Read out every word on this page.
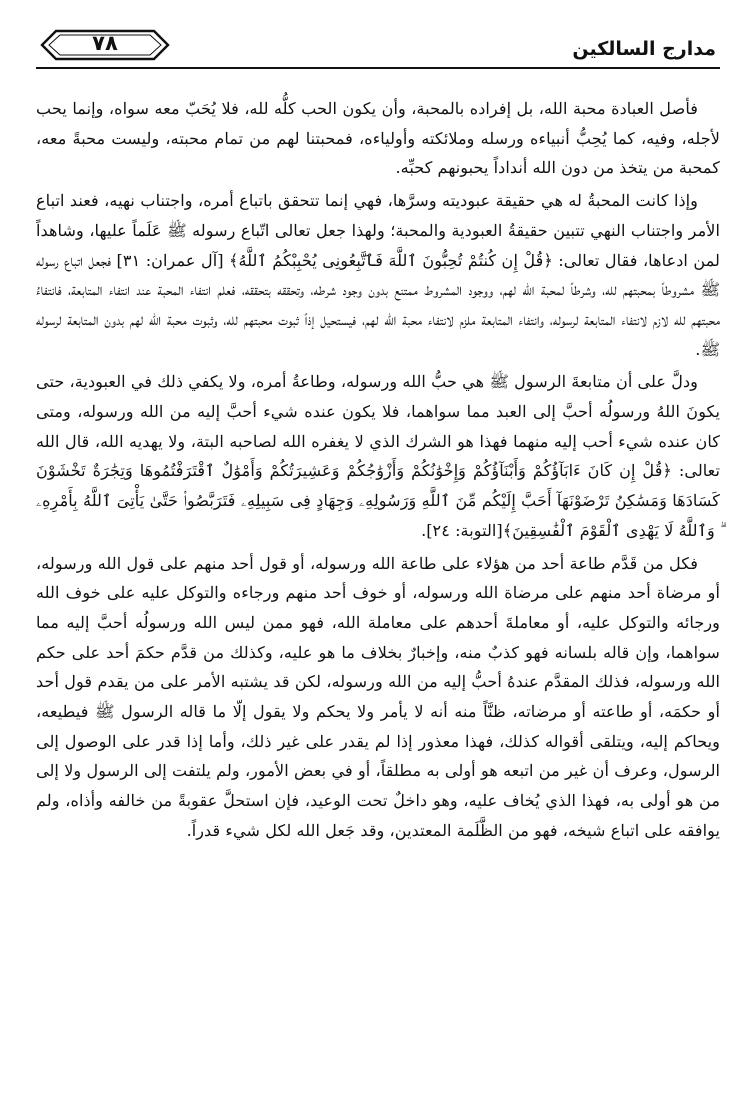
مدارج السالكين
٧٨

فأصل العبادة محبة الله، بل إفراده بالمحبة، وأن يكون الحب كلُّه لله، فلا يُحَبّ معه سواه، وإنما يحب لأجله، وفيه، كما يُحِبُّ أنبياءه ورسله وملائكته وأولياءه، فمحبتنا لهم من تمام محبته، وليست محبةً معه، كمحبة من يتخذ من دون الله أنداداً يحبونهم كحبِّه.

وإذا كانت المحبةُ له هي حقيقة عبوديته وسرَّها، فهي إنما تتحقق باتباع أمره، واجتناب نهيه، فعند اتباع الأمر واجتناب النهي تتبين حقيقةُ العبودية والمحبة؛ ولهذا جعل تعالى اتّباع رسوله ﷺ عَلَماً عليها، وشاهداً لمن ادعاها، فقال تعالى: ﴿قُلْ إِن كُنتُمْ تُحِبُّونَ ٱللَّهَ فَٱتَّبِعُونِى يُحْبِبْكُمُ ٱللَّهُ﴾ [آل عمران: ٣١] فجعل اتباع رسوله ﷺ مشروطاً بمحبتهم لله، وشرطاً لمحبة الله لهم، ووجود المشروط ممتنع بدون وجود شرطه، وتحققه بتحققه، فعلم انتفاء المحبة عند انتفاء المتابعة، فانتفاءُ محبتهم لله لازم لانتفاء المتابعة لرسوله، وانتفاء المتابعة ملزم لانتفاء محبة الله لهم، فيستحيل إذاً ثبوت محبتهم لله، وثبوت محبة الله لهم بدون المتابعة لرسوله ﷺ.

ودلَّ على أن متابعةَ الرسول ﷺ هي حبُّ الله ورسوله، وطاعةُ أمره، ولا يكفي ذلك في العبودية، حتى يكونَ اللهُ ورسولُه أحبَّ إلى العبد مما سواهما، فلا يكون عنده شيء أحبَّ إليه من الله ورسوله، ومتى كان عنده شيء أحب إليه منهما فهذا هو الشرك الذي لا يغفره الله لصاحبه البتة، ولا يهديه الله، قال الله تعالى: ﴿قُلْ إِن كَانَ ءَابَآؤُكُمْ وَأَبْنَآؤُكُمْ وَإِخْوَٰنُكُمْ وَأَزْوَٰجُكُمْ وَعَشِيرَتُكُمْ وَأَمْوَٰلٌ ٱقْتَرَفْتُمُوهَا وَتِجَٰرَةٌ تَخْشَوْنَ كَسَادَهَا وَمَسَٰكِنُ تَرْضَوْنَهَآ أَحَبَّ إِلَيْكُم مِّنَ ٱللَّهِ وَرَسُولِهِۦ وَجِهَادٍ فِى سَبِيلِهِۦ فَتَرَبَّصُوا۟ حَتَّىٰ يَأْتِىَ ٱللَّهُ بِأَمْرِهِۦ ۗ وَٱللَّهُ لَا يَهْدِى ٱلْقَوْمَ ٱلْفَٰسِقِينَ﴾[التوبة: ٢٤].

فكل من قَدَّم طاعة أحد من هؤلاء على طاعة الله ورسوله، أو قول أحد منهم على قول الله ورسوله، أو مرضاة أحد منهم على مرضاة الله ورسوله، أو خوف أحد منهم ورجاءه والتوكل عليه على خوف الله ورجائه والتوكل عليه، أو معاملةَ أحدهم على معاملة الله، فهو ممن ليس الله ورسولُه أحبَّ إليه مما سواهما، وإن قاله بلسانه فهو كذبٌ منه، وإخبارٌ بخلاف ما هو عليه، وكذلك من قدَّم حكمَ أحد على حكم الله ورسوله، فذلك المقدَّم عندهُ أحبُّ إليه من الله ورسوله، لكن قد يشتبه الأمر على من يقدم قول أحد أو حكمَه، أو طاعته أو مرضاته، ظنَّاً منه أنه لا يأمر ولا يحكم ولا يقول إلّا ما قاله الرسول ﷺ فيطيعه، ويحاكم إليه، ويتلقى أقواله كذلك، فهذا معذور إذا لم يقدر على غير ذلك، وأما إذا قدر على الوصول إلى الرسول، وعرف أن غير من اتبعه هو أولى به مطلقاً، أو في بعض الأمور، ولم يلتفت إلى الرسول ولا إلى من هو أولى به، فهذا الذي يُخاف عليه، وهو داخلٌ تحت الوعيد، فإن استحلَّ عقوبةً من خالفه وأذاه، ولم يوافقه على اتباع شيخه، فهو من الظَّلَمة المعتدين، وقد جَعل الله لكل شيء قدراً.
